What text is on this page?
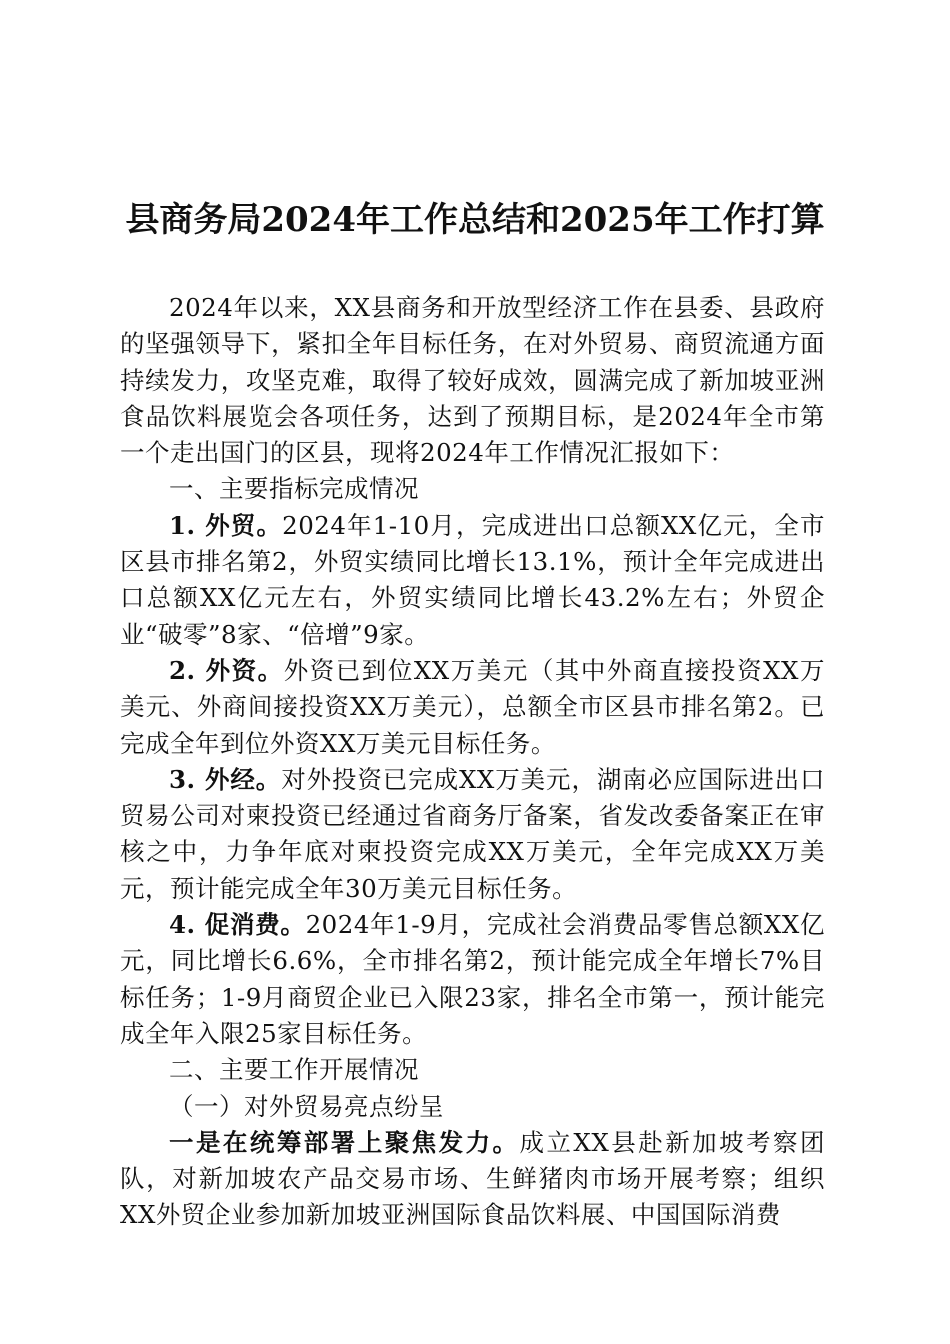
县商务局2024年工作总结和2025年工作打算

2024年以来，XX县商务和开放型经济工作在县委、县政府的坚强领导下，紧扣全年目标任务，在对外贸易、商贸流通方面持续发力，攻坚克难，取得了较好成效，圆满完成了新加坡亚洲食品饮料展览会各项任务，达到了预期目标，是2024年全市第一个走出国门的区县，现将2024年工作情况汇报如下：

一、主要指标完成情况

1. 外贸。2024年1-10月，完成进出口总额XX亿元，全市区县市排名第2，外贸实绩同比增长13.1%，预计全年完成进出口总额XX亿元左右，外贸实绩同比增长43.2%左右；外贸企业“破零”8家、“倍增”9家。

2. 外资。外资已到位XX万美元（其中外商直接投资XX万美元、外商间接投资XX万美元），总额全市区县市排名第2。已完成全年到位外资XX万美元目标任务。

3. 外经。对外投资已完成XX万美元，湖南必应国际进出口贸易公司对柬投资已经通过省商务厅备案，省发改委备案正在审核之中，力争年底对柬投资完成XX万美元，全年完成XX万美元，预计能完成全年30万美元目标任务。

4. 促消费。2024年1-9月，完成社会消费品零售总额XX亿元，同比增长6.6%，全市排名第2，预计能完成全年增长7%目标任务；1-9月商贸企业已入限23家，排名全市第一，预计能完成全年入限25家目标任务。

二、主要工作开展情况

（一）对外贸易亮点纷呈

一是在统筹部署上聚焦发力。成立XX县赴新加坡考察团队，对新加坡农产品交易市场、生鲜猪肉市场开展考察；组织XX外贸企业参加新加坡亚洲国际食品饮料展、中国国际消费
